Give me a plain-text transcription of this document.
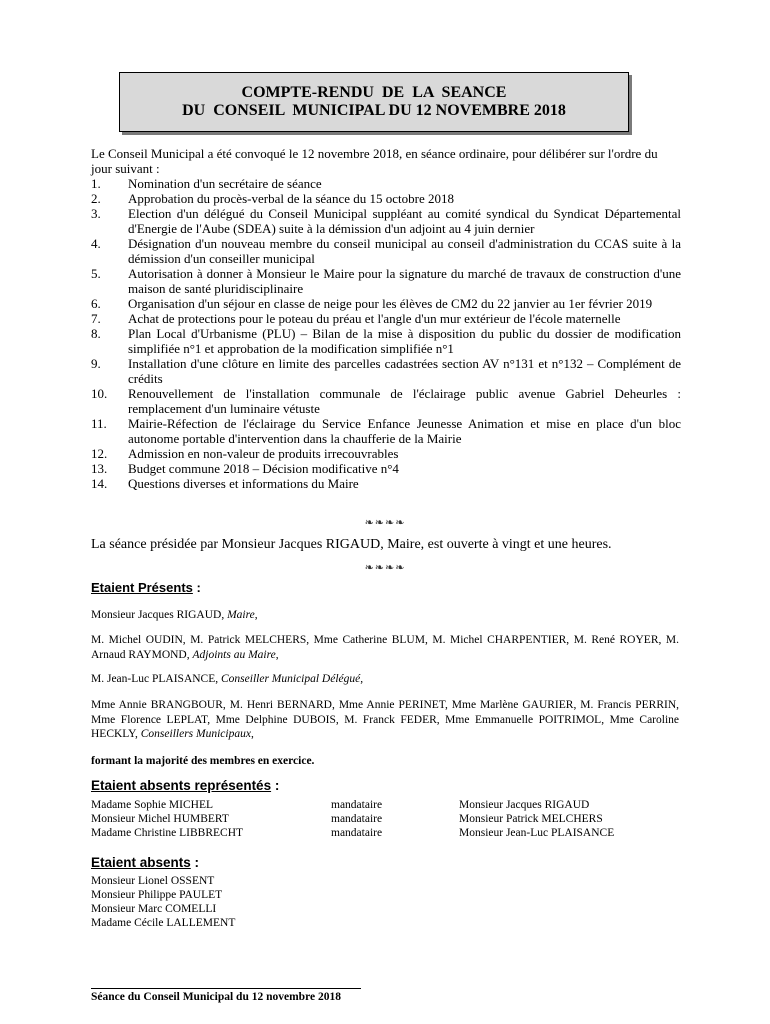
COMPTE-RENDU  DE  LA  SEANCE
DU  CONSEIL  MUNICIPAL DU 12 NOVEMBRE 2018

Le Conseil Municipal a été convoqué le 12 novembre 2018, en séance ordinaire, pour délibérer sur l'ordre du jour suivant :

1. Nomination d'un secrétaire de séance
2. Approbation du procès-verbal de la séance du 15 octobre 2018
3. Election d'un délégué du Conseil Municipal suppléant au comité syndical du Syndicat Départemental d'Energie de l'Aube (SDEA) suite à la démission d'un adjoint au 4 juin dernier
4. Désignation d'un nouveau membre du conseil municipal au conseil d'administration du CCAS suite à la démission d'un conseiller municipal
5. Autorisation à donner à Monsieur le Maire pour la signature du marché de travaux de construction d'une maison de santé pluridisciplinaire
6. Organisation d'un séjour en classe de neige pour les élèves de CM2 du 22 janvier au 1er février 2019
7. Achat de protections pour le poteau du préau et l'angle d'un mur extérieur de l'école maternelle
8. Plan Local d'Urbanisme (PLU) – Bilan de la mise à disposition du public du dossier de modification simplifiée n°1 et approbation de la modification simplifiée n°1
9. Installation d'une clôture en limite des parcelles cadastrées section AV n°131 et n°132 – Complément de crédits
10. Renouvellement de l'installation communale de l'éclairage public avenue Gabriel Deheurles : remplacement d'un luminaire vétuste
11. Mairie-Réfection de l'éclairage du Service Enfance Jeunesse Animation et mise en place d'un bloc autonome portable d'intervention dans la chaufferie de la Mairie
12. Admission en non-valeur de produits irrecouvrables
13. Budget commune 2018 – Décision modificative n°4
14. Questions diverses et informations du Maire
❧❧❧❧
La séance présidée par Monsieur Jacques RIGAUD, Maire, est ouverte à vingt et une heures.
❧❧❧❧
Etaient Présents :
Monsieur Jacques RIGAUD, Maire,
M. Michel OUDIN, M. Patrick MELCHERS, Mme Catherine BLUM, M. Michel CHARPENTIER, M. René ROYER, M. Arnaud RAYMOND, Adjoints au Maire,
M. Jean-Luc PLAISANCE, Conseiller Municipal Délégué,
Mme Annie BRANGBOUR, M. Henri BERNARD, Mme Annie PERINET, Mme Marlène GAURIER, M. Francis PERRIN, Mme Florence LEPLAT, Mme Delphine DUBOIS, M. Franck FEDER, Mme Emmanuelle POITRIMOL, Mme Caroline HECKLY, Conseillers Municipaux,
formant la majorité des membres en exercice.
Etaient absents représentés :
Madame Sophie MICHEL	mandataire	Monsieur Jacques RIGAUD
Monsieur Michel HUMBERT	mandataire	Monsieur Patrick MELCHERS
Madame Christine LIBBRECHT	mandataire	Monsieur Jean-Luc PLAISANCE
Etaient absents :
Monsieur Lionel OSSENT
Monsieur Philippe PAULET
Monsieur Marc COMELLI
Madame Cécile LALLEMENT
Séance du Conseil Municipal du 12 novembre 2018
